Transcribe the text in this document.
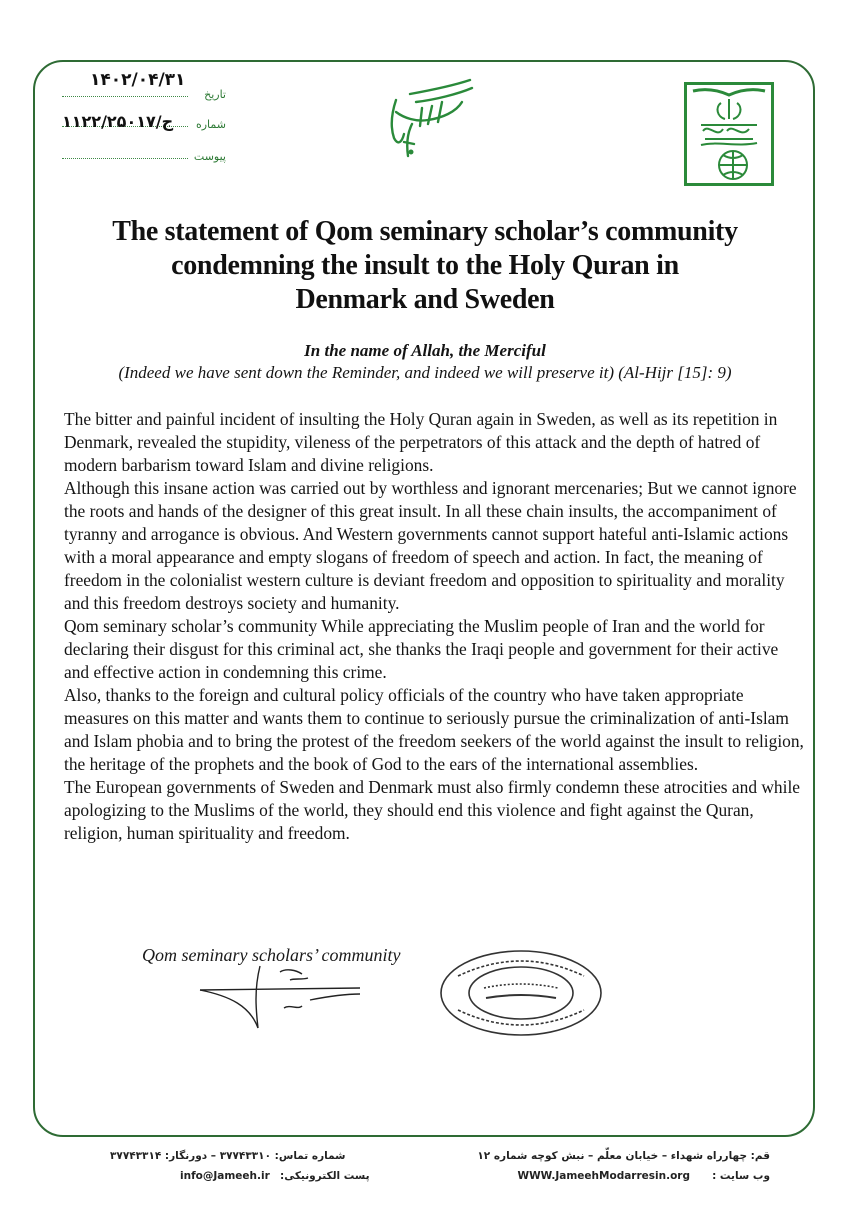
۱۴۰۲/۰۴/۳۱
تاریخ
۱۱۲۲/۲۵۰۱۷/ج شماره
پیوست
The statement of Qom seminary scholar’s community
condemning the insult to the Holy Quran in
Denmark and Sweden
In the name of Allah, the Merciful
(Indeed we have sent down the Reminder, and indeed we will preserve it) (Al-Hijr [15]: 9)

The bitter and painful incident of insulting the Holy Quran again in Sweden, as well as its repetition in Denmark, revealed the stupidity, vileness of the perpetrators of this attack and the depth of hatred of modern barbarism toward Islam and divine religions.

Although this insane action was carried out by worthless and ignorant mercenaries; But we cannot ignore the roots and hands of the designer of this great insult. In all these chain insults, the accompaniment of tyranny and arrogance is obvious. And Western governments cannot support hateful anti-Islamic actions with a moral appearance and empty slogans of freedom of speech and action. In fact, the meaning of freedom in the colonialist western culture is deviant freedom and opposition to spirituality and morality and this freedom destroys society and humanity.

Qom seminary scholar’s community While appreciating the Muslim people of Iran and the world for declaring their disgust for this criminal act, she thanks the Iraqi people and government for their active and effective action in condemning this crime.

Also, thanks to the foreign and cultural policy officials of the country who have taken appropriate measures on this matter and wants them to continue to seriously pursue the criminalization of anti-Islam and Islam phobia and to bring the protest of the freedom seekers of the world against the insult to religion, the heritage of the prophets and the book of God to the ears of the international assemblies.

The European governments of Sweden and Denmark must also firmly condemn these atrocities and while apologizing to the Muslims of the world, they should end this violence and fight against the Quran, religion, human spirituality and freedom.

Qom seminary scholars’ community
قم: چهارراه شهداء – خیابان معلّم – نبش کوچه شماره ۱۲
شماره تماس: ۳۷۷۴۳۳۱۰ – دورنگار: ۳۷۷۴۳۳۱۴
وب سایت :
WWW.JameehModarresin.org
پست الکترونیکی:
info@Jameeh.ir
